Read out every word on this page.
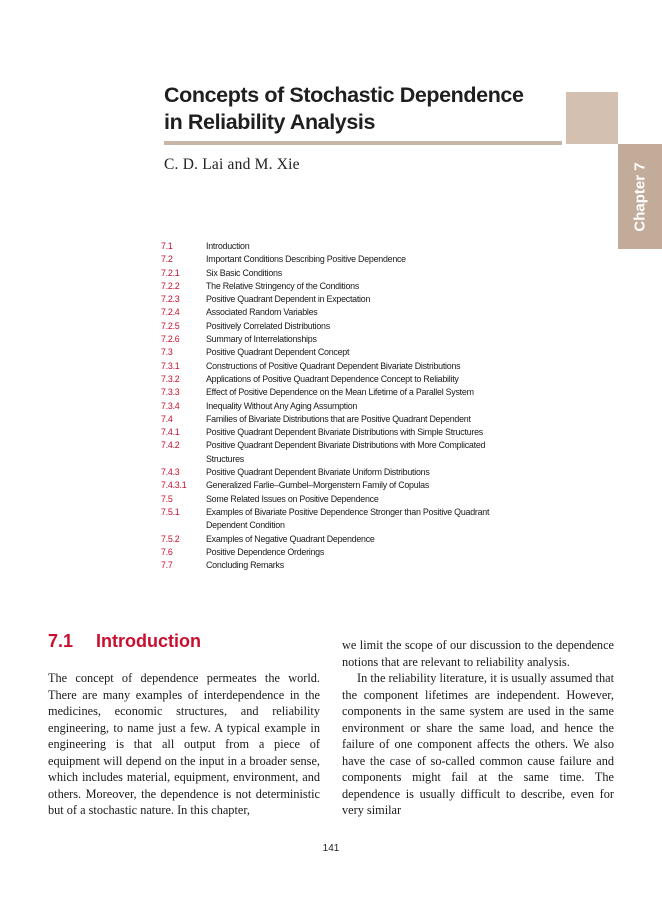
Chapter 7
Concepts of Stochastic Dependence
in Reliability Analysis
C. D. Lai and M. Xie
7.1	Introduction
7.2	Important Conditions Describing Positive Dependence
7.2.1	Six Basic Conditions
7.2.2	The Relative Stringency of the Conditions
7.2.3	Positive Quadrant Dependent in Expectation
7.2.4	Associated Random Variables
7.2.5	Positively Correlated Distributions
7.2.6	Summary of Interrelationships
7.3	Positive Quadrant Dependent Concept
7.3.1	Constructions of Positive Quadrant Dependent Bivariate Distributions
7.3.2	Applications of Positive Quadrant Dependence Concept to Reliability
7.3.3	Effect of Positive Dependence on the Mean Lifetime of a Parallel System
7.3.4	Inequality Without Any Aging Assumption
7.4	Families of Bivariate Distributions that are Positive Quadrant Dependent
7.4.1	Positive Quadrant Dependent Bivariate Distributions with Simple Structures
7.4.2	Positive Quadrant Dependent Bivariate Distributions with More Complicated Structures
7.4.3	Positive Quadrant Dependent Bivariate Uniform Distributions
7.4.3.1	Generalized Farlie–Gumbel–Morgenstern Family of Copulas
7.5	Some Related Issues on Positive Dependence
7.5.1	Examples of Bivariate Positive Dependence Stronger than Positive Quadrant Dependent Condition
7.5.2	Examples of Negative Quadrant Dependence
7.6	Positive Dependence Orderings
7.7	Concluding Remarks
7.1 Introduction

The concept of dependence permeates the world. There are many examples of interdependence in the medicines, economic structures, and reliability engineering, to name just a few. A typical example in engineering is that all output from a piece of equipment will depend on the input in a broader sense, which includes material, equipment, environment, and others. Moreover, the dependence is not deterministic but of a stochastic nature. In this chapter,

we limit the scope of our discussion to the dependence notions that are relevant to reliability analysis.

In the reliability literature, it is usually assumed that the component lifetimes are independent. However, components in the same system are used in the same environment or share the same load, and hence the failure of one component affects the others. We also have the case of so-called common cause failure and components might fail at the same time. The dependence is usually difficult to describe, even for very similar

141
